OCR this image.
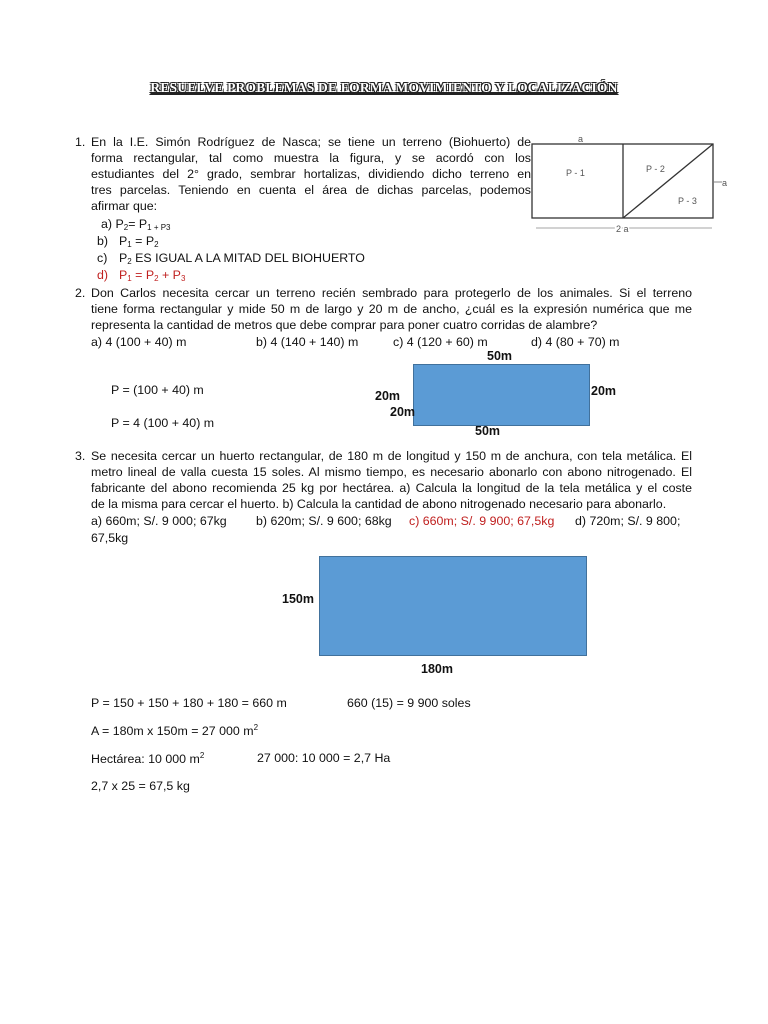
RESUELVE PROBLEMAS DE FORMA MOVIMIENTO Y LOCALIZACIÓN
1. En la I.E. Simón Rodríguez de Nasca; se tiene un terreno (Biohuerto) de
forma rectangular, tal como muestra la figura, y se acordó con los
estudiantes del 2° grado, sembrar hortalizas, dividiendo dicho terreno en
tres parcelas. Teniendo en cuenta el área de dichas parcelas, podemos
afirmar que:
a) $P_2= P_1$ $_{+ P3}$
b) $P_1 = P_2$
c) $P_2$ ES IGUAL A LA MITAD DEL BIOHUERTO
d) $P_1 = P_2 + P_3$
a
P - 1	P - 2
P - 3
a
2 a
2. Don Carlos necesita cercar un terreno recién sembrado para protegerlo de los animales. Si el terreno
tiene forma rectangular y mide 50 m de largo y 20 m de ancho, ¿cuál es la expresión numérica que me
representa la cantidad de metros que debe comprar para poner cuatro corridas de alambre?
a) 4 (100 + 40) m	b) 4 (140 + 140) m	c) 4 (120 + 60) m	d) 4 (80 + 70) m
P = (100 + 40) m
P = 4 (100 + 40) m
50m
20m
20m
20m
50m
3. Se necesita cercar un huerto rectangular, de 180 m de longitud y 150 m de anchura, con tela metálica. El
metro lineal de valla cuesta 15 soles. Al mismo tiempo, es necesario abonarlo con abono nitrogenado. El
fabricante del abono recomienda 25 kg por hectárea. a) Calcula la longitud de la tela metálica y el coste
de la misma para cercar el huerto. b) Calcula la cantidad de abono nitrogenado necesario para abonarlo.
a) 660m; S/. 9 000; 67kg b) 620m; S/. 9 600; 68kg c) 660m; S/. 9 900; 67,5kg d) 720m; S/. 9 800;
67,5kg
150m
180m
P = 150 + 150 + 180 + 180 = 660 m	660 (15) = 9 900 soles
A = 180m x 150m = 27 000 $m^2$
Hectárea: 10 000 $m^2$	27 000: 10 000 = 2,7 Ha
2,7 x 25 = 67,5 kg
